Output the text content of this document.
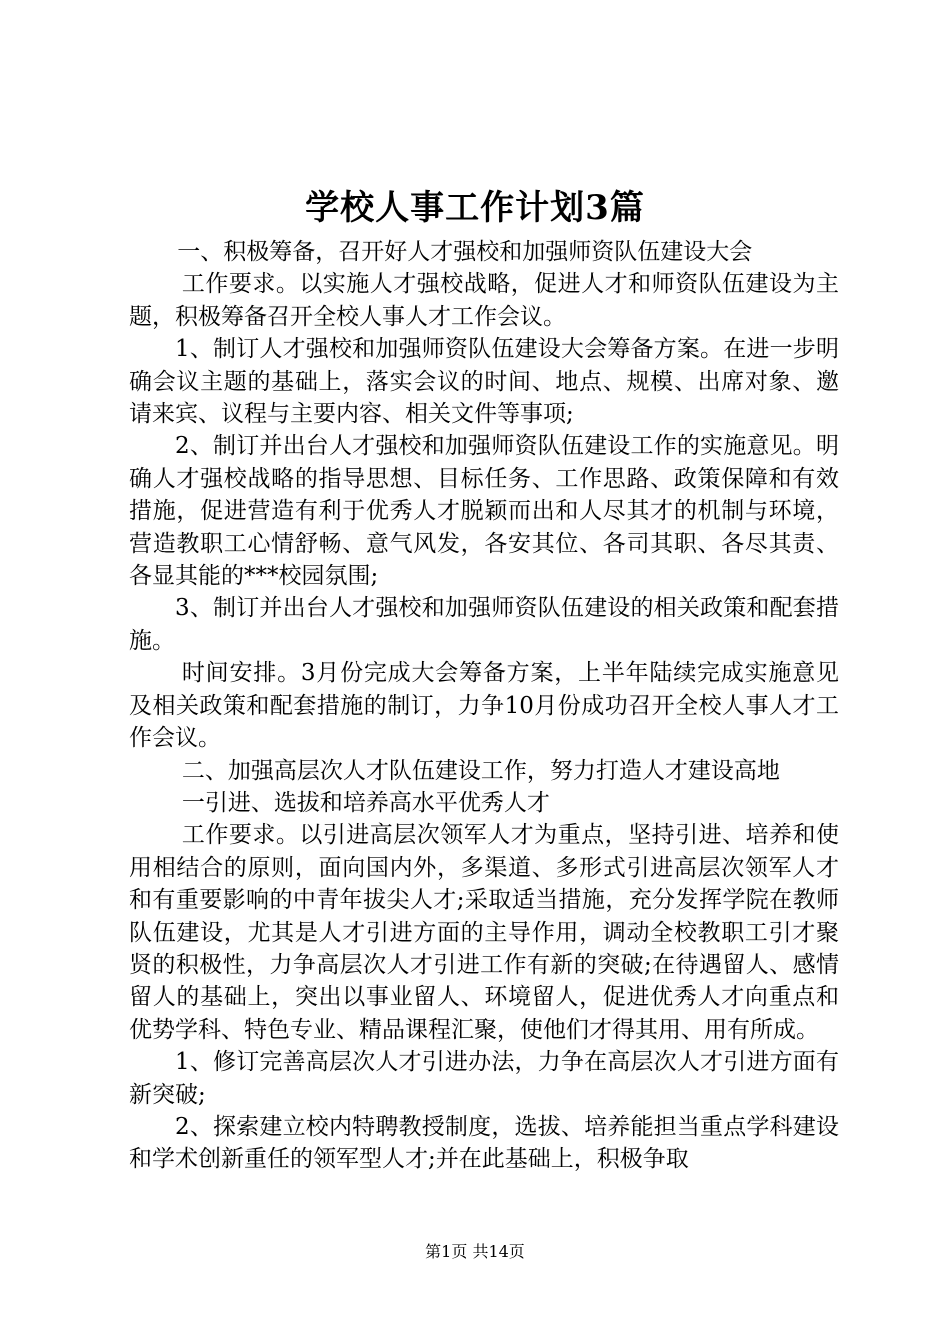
学校人事工作计划3篇

一、积极筹备，召开好人才强校和加强师资队伍建设大会

工作要求。以实施人才强校战略，促进人才和师资队伍建设为主题，积极筹备召开全校人事人才工作会议。

1、制订人才强校和加强师资队伍建设大会筹备方案。在进一步明确会议主题的基础上，落实会议的时间、地点、规模、出席对象、邀请来宾、议程与主要内容、相关文件等事项;

2、制订并出台人才强校和加强师资队伍建设工作的实施意见。明确人才强校战略的指导思想、目标任务、工作思路、政策保障和有效措施，促进营造有利于优秀人才脱颖而出和人尽其才的机制与环境，营造教职工心情舒畅、意气风发，各安其位、各司其职、各尽其责、各显其能的***校园氛围;

3、制订并出台人才强校和加强师资队伍建设的相关政策和配套措施。

时间安排。3月份完成大会筹备方案，上半年陆续完成实施意见及相关政策和配套措施的制订，力争10月份成功召开全校人事人才工作会议。

二、加强高层次人才队伍建设工作，努力打造人才建设高地

一引进、选拔和培养高水平优秀人才

工作要求。以引进高层次领军人才为重点，坚持引进、培养和使用相结合的原则，面向国内外，多渠道、多形式引进高层次领军人才和有重要影响的中青年拔尖人才;采取适当措施，充分发挥学院在教师队伍建设，尤其是人才引进方面的主导作用，调动全校教职工引才聚贤的积极性，力争高层次人才引进工作有新的突破;在待遇留人、感情留人的基础上，突出以事业留人、环境留人，促进优秀人才向重点和优势学科、特色专业、精品课程汇聚，使他们才得其用、用有所成。

1、修订完善高层次人才引进办法，力争在高层次人才引进方面有新突破;

2、探索建立校内特聘教授制度，选拔、培养能担当重点学科建设和学术创新重任的领军型人才;并在此基础上，积极争取

第1页 共14页
